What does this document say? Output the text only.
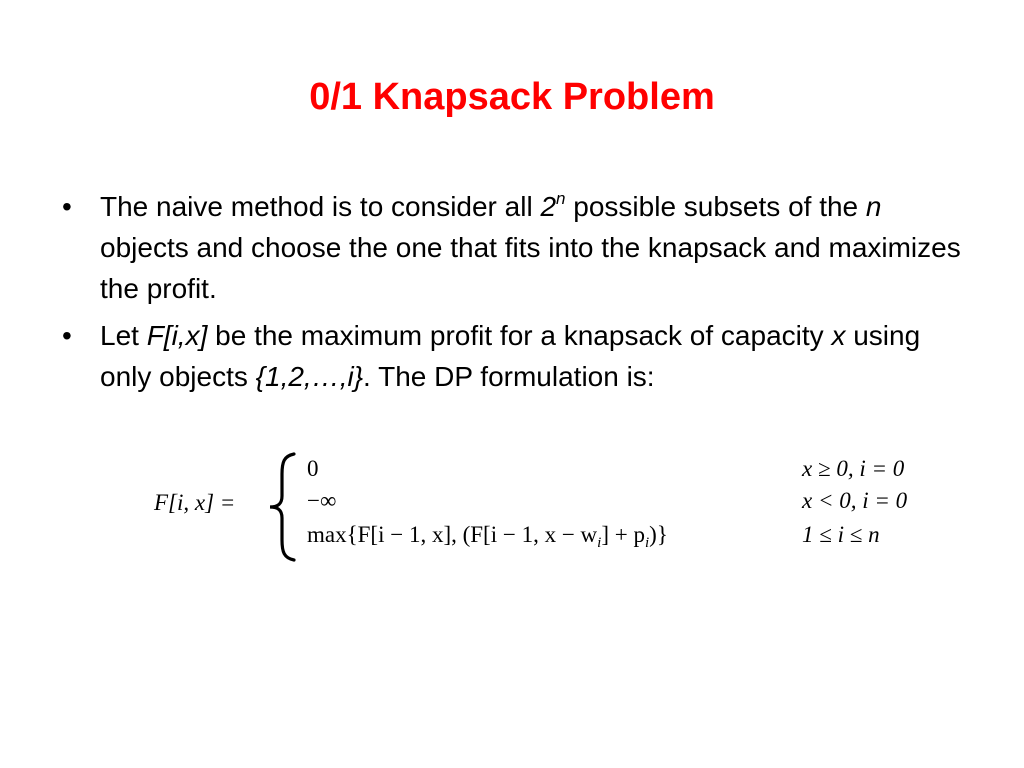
0/1 Knapsack Problem
•	The naive method is to consider all 2$^n$ possible subsets of the n objects and choose the one that fits into the knapsack and maximizes the profit.
•	Let F[i,x] be the maximum profit for a knapsack of capacity x using only objects {1,2,…,i}. The DP formulation is:
F[i, x] =
0	x ≥ 0, i = 0
−∞	x < 0, i = 0
max{F[i − 1, x], (F[i − 1, $x - w_i] + p_i$)}	1 ≤ i ≤ n
